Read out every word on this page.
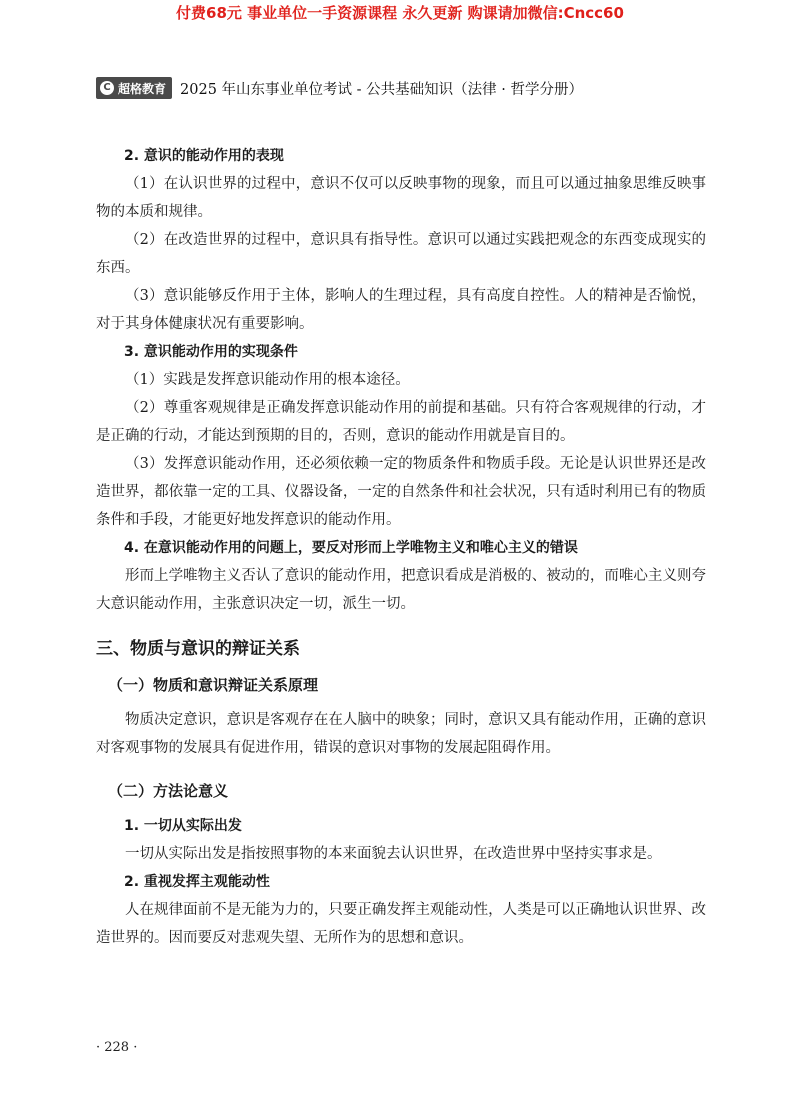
付费68元 事业单位一手资源课程 永久更新 购课请加微信:Cncc60
C 超格教育 2025 年山东事业单位考试 - 公共基础知识（法律 · 哲学分册）

2. 意识的能动作用的表现

（1）在认识世界的过程中，意识不仅可以反映事物的现象，而且可以通过抽象思维反映事物的本质和规律。

（2）在改造世界的过程中，意识具有指导性。意识可以通过实践把观念的东西变成现实的东西。

（3）意识能够反作用于主体，影响人的生理过程，具有高度自控性。人的精神是否愉悦，对于其身体健康状况有重要影响。

3. 意识能动作用的实现条件

（1）实践是发挥意识能动作用的根本途径。

（2）尊重客观规律是正确发挥意识能动作用的前提和基础。只有符合客观规律的行动，才是正确的行动，才能达到预期的目的，否则，意识的能动作用就是盲目的。

（3）发挥意识能动作用，还必须依赖一定的物质条件和物质手段。无论是认识世界还是改造世界，都依靠一定的工具、仪器设备，一定的自然条件和社会状况，只有适时利用已有的物质条件和手段，才能更好地发挥意识的能动作用。

4. 在意识能动作用的问题上，要反对形而上学唯物主义和唯心主义的错误

形而上学唯物主义否认了意识的能动作用，把意识看成是消极的、被动的，而唯心主义则夸大意识能动作用，主张意识决定一切，派生一切。

三、物质与意识的辩证关系

（一）物质和意识辩证关系原理

物质决定意识，意识是客观存在在人脑中的映象；同时，意识又具有能动作用，正确的意识对客观事物的发展具有促进作用，错误的意识对事物的发展起阻碍作用。

（二）方法论意义

1. 一切从实际出发

一切从实际出发是指按照事物的本来面貌去认识世界，在改造世界中坚持实事求是。

2. 重视发挥主观能动性

人在规律面前不是无能为力的，只要正确发挥主观能动性，人类是可以正确地认识世界、改造世界的。因而要反对悲观失望、无所作为的思想和意识。

· 228 ·
